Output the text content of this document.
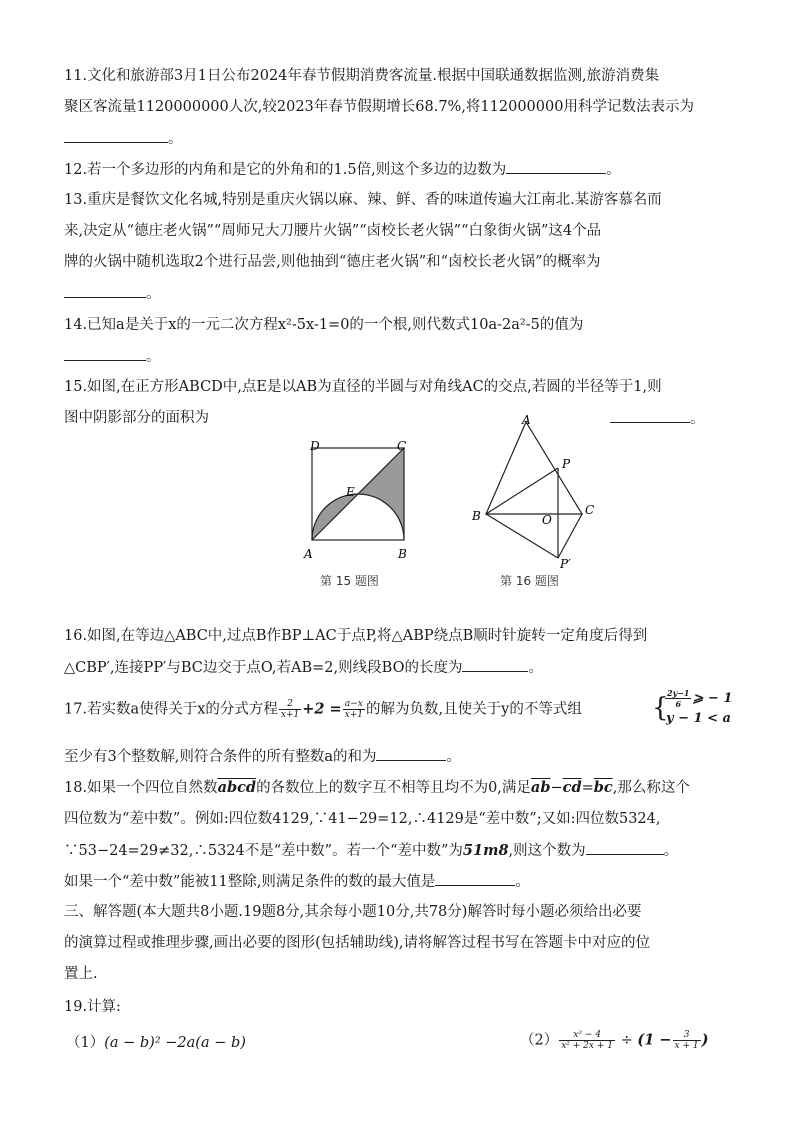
11.文化和旅游部3月1日公布2024年春节假期消费客流量.根据中国联通数据监测,旅游消费集
聚区客流量1120000000人次,较2023年春节假期增长68.7%,将112000000用科学记数法表示为
。
12.若一个多边形的内角和是它的外角和的1.5倍,则这个多边的边数为	。
13.重庆是餐饮文化名城,特别是重庆火锅以麻、辣、鲜、香的味道传遍大江南北.某游客慕名而
来,决定从“德庄老火锅”“周师兄大刀腰片火锅”“卤校长老火锅”“白象街火锅”这4个品
牌的火锅中随机选取2个进行品尝,则他抽到“德庄老火锅”和“卤校长老火锅”的概率为
。
14.已知a是关于x的一元二次方程x²-5x-1=0的一个根,则代数式10a-2a²-5的值为
。
15.如图,在正方形ABCD中,点E是以AB为直径的半圆与对角线AC的交点,若圆的半径等于1,则
图中阴影部分的面积为	。
D	C
E
A	B
第 15 题图
A
P
B	O
C
P′
第 16 题图
16.如图,在等边△ABC中,过点B作BP⊥AC于点P,将△ABP绕点B顺时针旋转一定角度后得到
△CBP′,连接PP′与BC边交于点O,若AB=2,则线段BO的长度为	。
17.若实数a使得关于x的分式方程 $\frac{2}{x+1} +2 = \frac{a-x}{x+1}$ 的解为负数,且使关于y的不等式组	{
$\frac{2y-1}{6}$ ⩾ − 1
y − 1 < a
至少有3个整数解,则符合条件的所有整数a的和为	。
18.如果一个四位自然数abcd的各数位上的数字互不相等且均不为0,满足$\overline{ab}-\overline{cd}=\overline{bc}$,那么称这个
四位数为“差中数”。例如:四位数4129,∵41−29=12,∴4129是“差中数”;又如:四位数5324,
∵53−24=29≠32,∴5324不是“差中数”。若一个“差中数”为51m8,则这个数为	。
如果一个“差中数”能被11整除,则满足条件的数的最大值是	。
三、解答题(本大题共8小题.19题8分,其余每小题10分,共78分)解答时每小题必须给出必要
的演算过程或推理步骤,画出必要的图形(包括辅助线),请将解答过程书写在答题卡中对应的位
置上.
19.计算:
（1）(a − b)² −2a(a − b)	$(2) \frac{\text{x² − 4}}{\text{x² + 2x + 1}} \div (1 - \frac{3}{x + 1}$ )
